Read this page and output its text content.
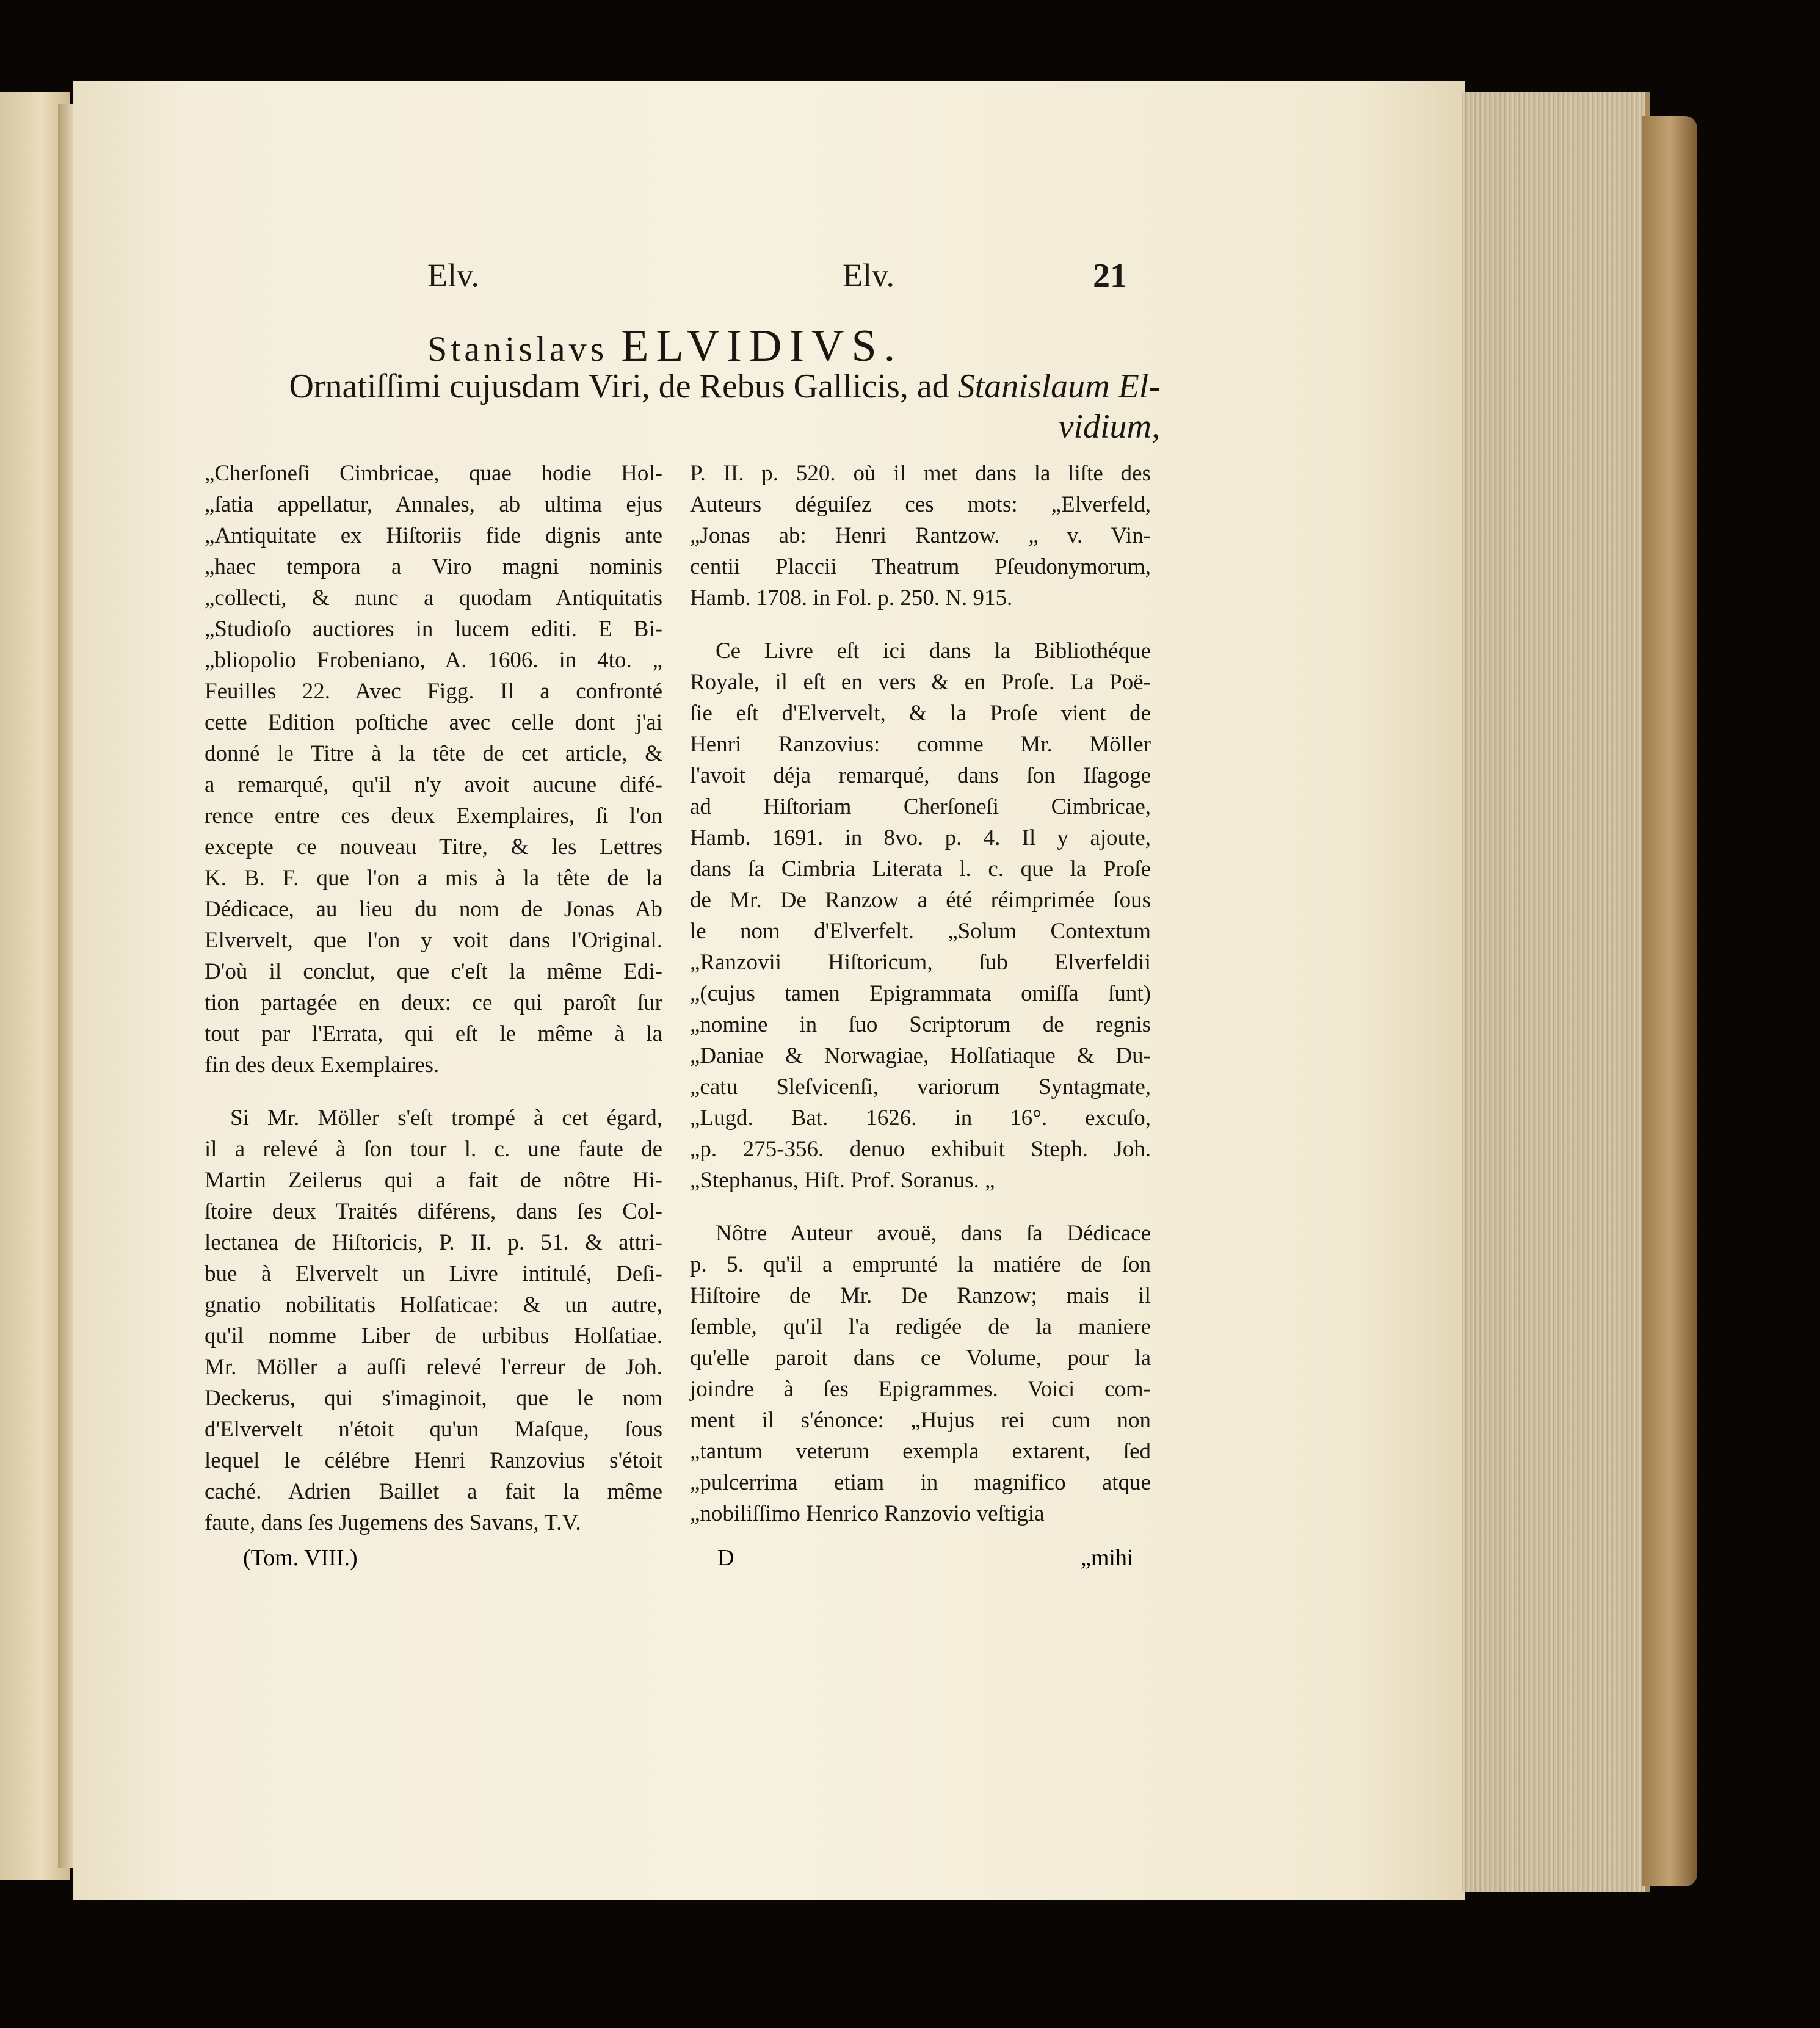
Elv.	Elv.	21
Stanislavs ELVIDIVS.
Ornatiſſimi cujusdam Viri, de Rebus Gallicis, ad Stanislaum El-
vidium,
„Cherſoneſi Cimbricae, quae hodie Hol-
„ſatia appellatur, Annales, ab ultima ejus
„Antiquitate ex Hiſtoriis fide dignis ante
„haec tempora a Viro magni nominis
„collecti, & nunc a quodam Antiquitatis
„Studioſo auctiores in lucem editi. E Bi-
„bliopolio Frobeniano, A. 1606. in 4to. „
Feuilles 22. Avec Figg. Il a confronté
cette Edition poſtiche avec celle dont j'ai
donné le Titre à la tête de cet article, &
a remarqué, qu'il n'y avoit aucune difé-
rence entre ces deux Exemplaires, ſi l'on
excepte ce nouveau Titre, & les Lettres
K. B. F. que l'on a mis à la tête de la
Dédicace, au lieu du nom de Jonas Ab
Elvervelt, que l'on y voit dans l'Original.
D'où il conclut, que c'eſt la même Edi-
tion partagée en deux: ce qui paroît ſur
tout par l'Errata, qui eſt le même à la
fin des deux Exemplaires.
Si Mr. Möller s'eſt trompé à cet égard,
il a relevé à ſon tour l. c. une faute de
Martin Zeilerus qui a fait de nôtre Hi-
ſtoire deux Traités diférens, dans ſes Col-
lectanea de Hiſtoricis, P. II. p. 51. & attri-
bue à Elvervelt un Livre intitulé, Deſi-
gnatio nobilitatis Holſaticae: & un autre,
qu'il nomme Liber de urbibus Holſatiae.
Mr. Möller a auſſi relevé l'erreur de Joh.
Deckerus, qui s'imaginoit, que le nom
d'Elvervelt n'étoit qu'un Maſque, ſous
lequel le célébre Henri Ranzovius s'étoit
caché. Adrien Baillet a fait la même
faute, dans ſes Jugemens des Savans, T.V.
P. II. p. 520. où il met dans la liſte des
Auteurs déguiſez ces mots: „Elverfeld,
„Jonas ab: Henri Rantzow. „ v. Vin-
centii Placcii Theatrum Pſeudonymorum,
Hamb. 1708. in Fol. p. 250. N. 915.
Ce Livre eſt ici dans la Bibliothéque
Royale, il eſt en vers & en Proſe. La Poë-
ſie eſt d'Elvervelt, & la Proſe vient de
Henri Ranzovius: comme Mr. Möller
l'avoit déja remarqué, dans ſon Iſagoge
ad Hiſtoriam Cherſoneſi Cimbricae,
Hamb. 1691. in 8vo. p. 4. Il y ajoute,
dans ſa Cimbria Literata l. c. que la Proſe
de Mr. De Ranzow a été réimprimée ſous
le nom d'Elverfelt. „Solum Contextum
„Ranzovii Hiſtoricum, ſub Elverfeldii
„(cujus tamen Epigrammata omiſſa ſunt)
„nomine in ſuo Scriptorum de regnis
„Daniae & Norwagiae, Holſatiaque & Du-
„catu Sleſvicenſi, variorum Syntagmate,
„Lugd. Bat. 1626. in 16°. excuſo,
„p. 275-356. denuo exhibuit Steph. Joh.
„Stephanus, Hiſt. Prof. Soranus. „
Nôtre Auteur avouë, dans ſa Dédicace
p. 5. qu'il a emprunté la matiére de ſon
Hiſtoire de Mr. De Ranzow; mais il
ſemble, qu'il l'a redigée de la maniere
qu'elle paroit dans ce Volume, pour la
joindre à ſes Epigrammes. Voici com-
ment il s'énonce: „Hujus rei cum non
„tantum veterum exempla extarent, ſed
„pulcerrima etiam in magnifico atque
„nobiliſſimo Henrico Ranzovio veſtigia
(Tom. VIII.)	D	„mihi
